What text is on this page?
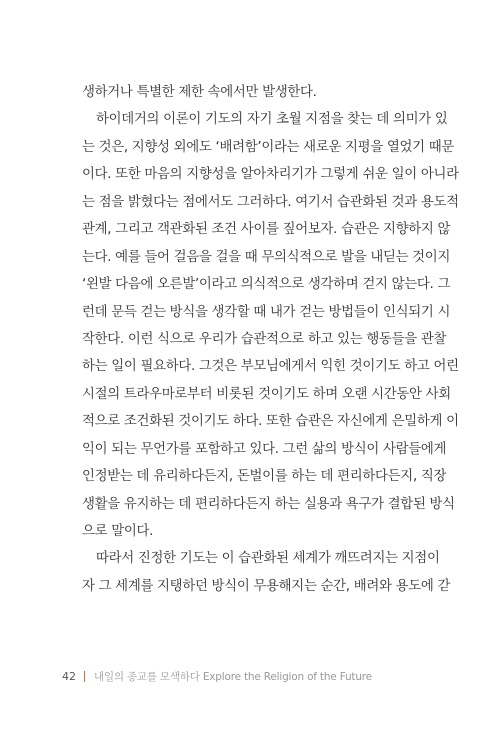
생하거나 특별한 제한 속에서만 발생한다.
하이데거의 이론이 기도의 자기 초월 지점을 찾는 데 의미가 있
는 것은, 지향성 외에도 ‘배려함’이라는 새로운 지평을 열었기 때문
이다. 또한 마음의 지향성을 알아차리기가 그렇게 쉬운 일이 아니라
는 점을 밝혔다는 점에서도 그러하다. 여기서 습관화된 것과 용도적
관계, 그리고 객관화된 조건 사이를 짚어보자. 습관은 지향하지 않
는다. 예를 들어 걸음을 걸을 때 무의식적으로 발을 내딛는 것이지
‘왼발 다음에 오른발’이라고 의식적으로 생각하며 걷지 않는다. 그
런데 문득 걷는 방식을 생각할 때 내가 걷는 방법들이 인식되기 시
작한다. 이런 식으로 우리가 습관적으로 하고 있는 행동들을 관찰
하는 일이 필요하다. 그것은 부모님에게서 익힌 것이기도 하고 어린
시절의 트라우마로부터 비롯된 것이기도 하며 오랜 시간동안 사회
적으로 조건화된 것이기도 하다. 또한 습관은 자신에게 은밀하게 이
익이 되는 무언가를 포함하고 있다. 그런 삶의 방식이 사람들에게
인정받는 데 유리하다든지, 돈벌이를 하는 데 편리하다든지, 직장
생활을 유지하는 데 편리하다든지 하는 실용과 욕구가 결합된 방식
으로 말이다.
따라서 진정한 기도는 이 습관화된 세계가 깨뜨려지는 지점이
자 그 세계를 지탱하던 방식이 무용해지는 순간, 배려와 용도에 갇
42 내일의 종교를 모색하다 Explore the Religion of the Future
